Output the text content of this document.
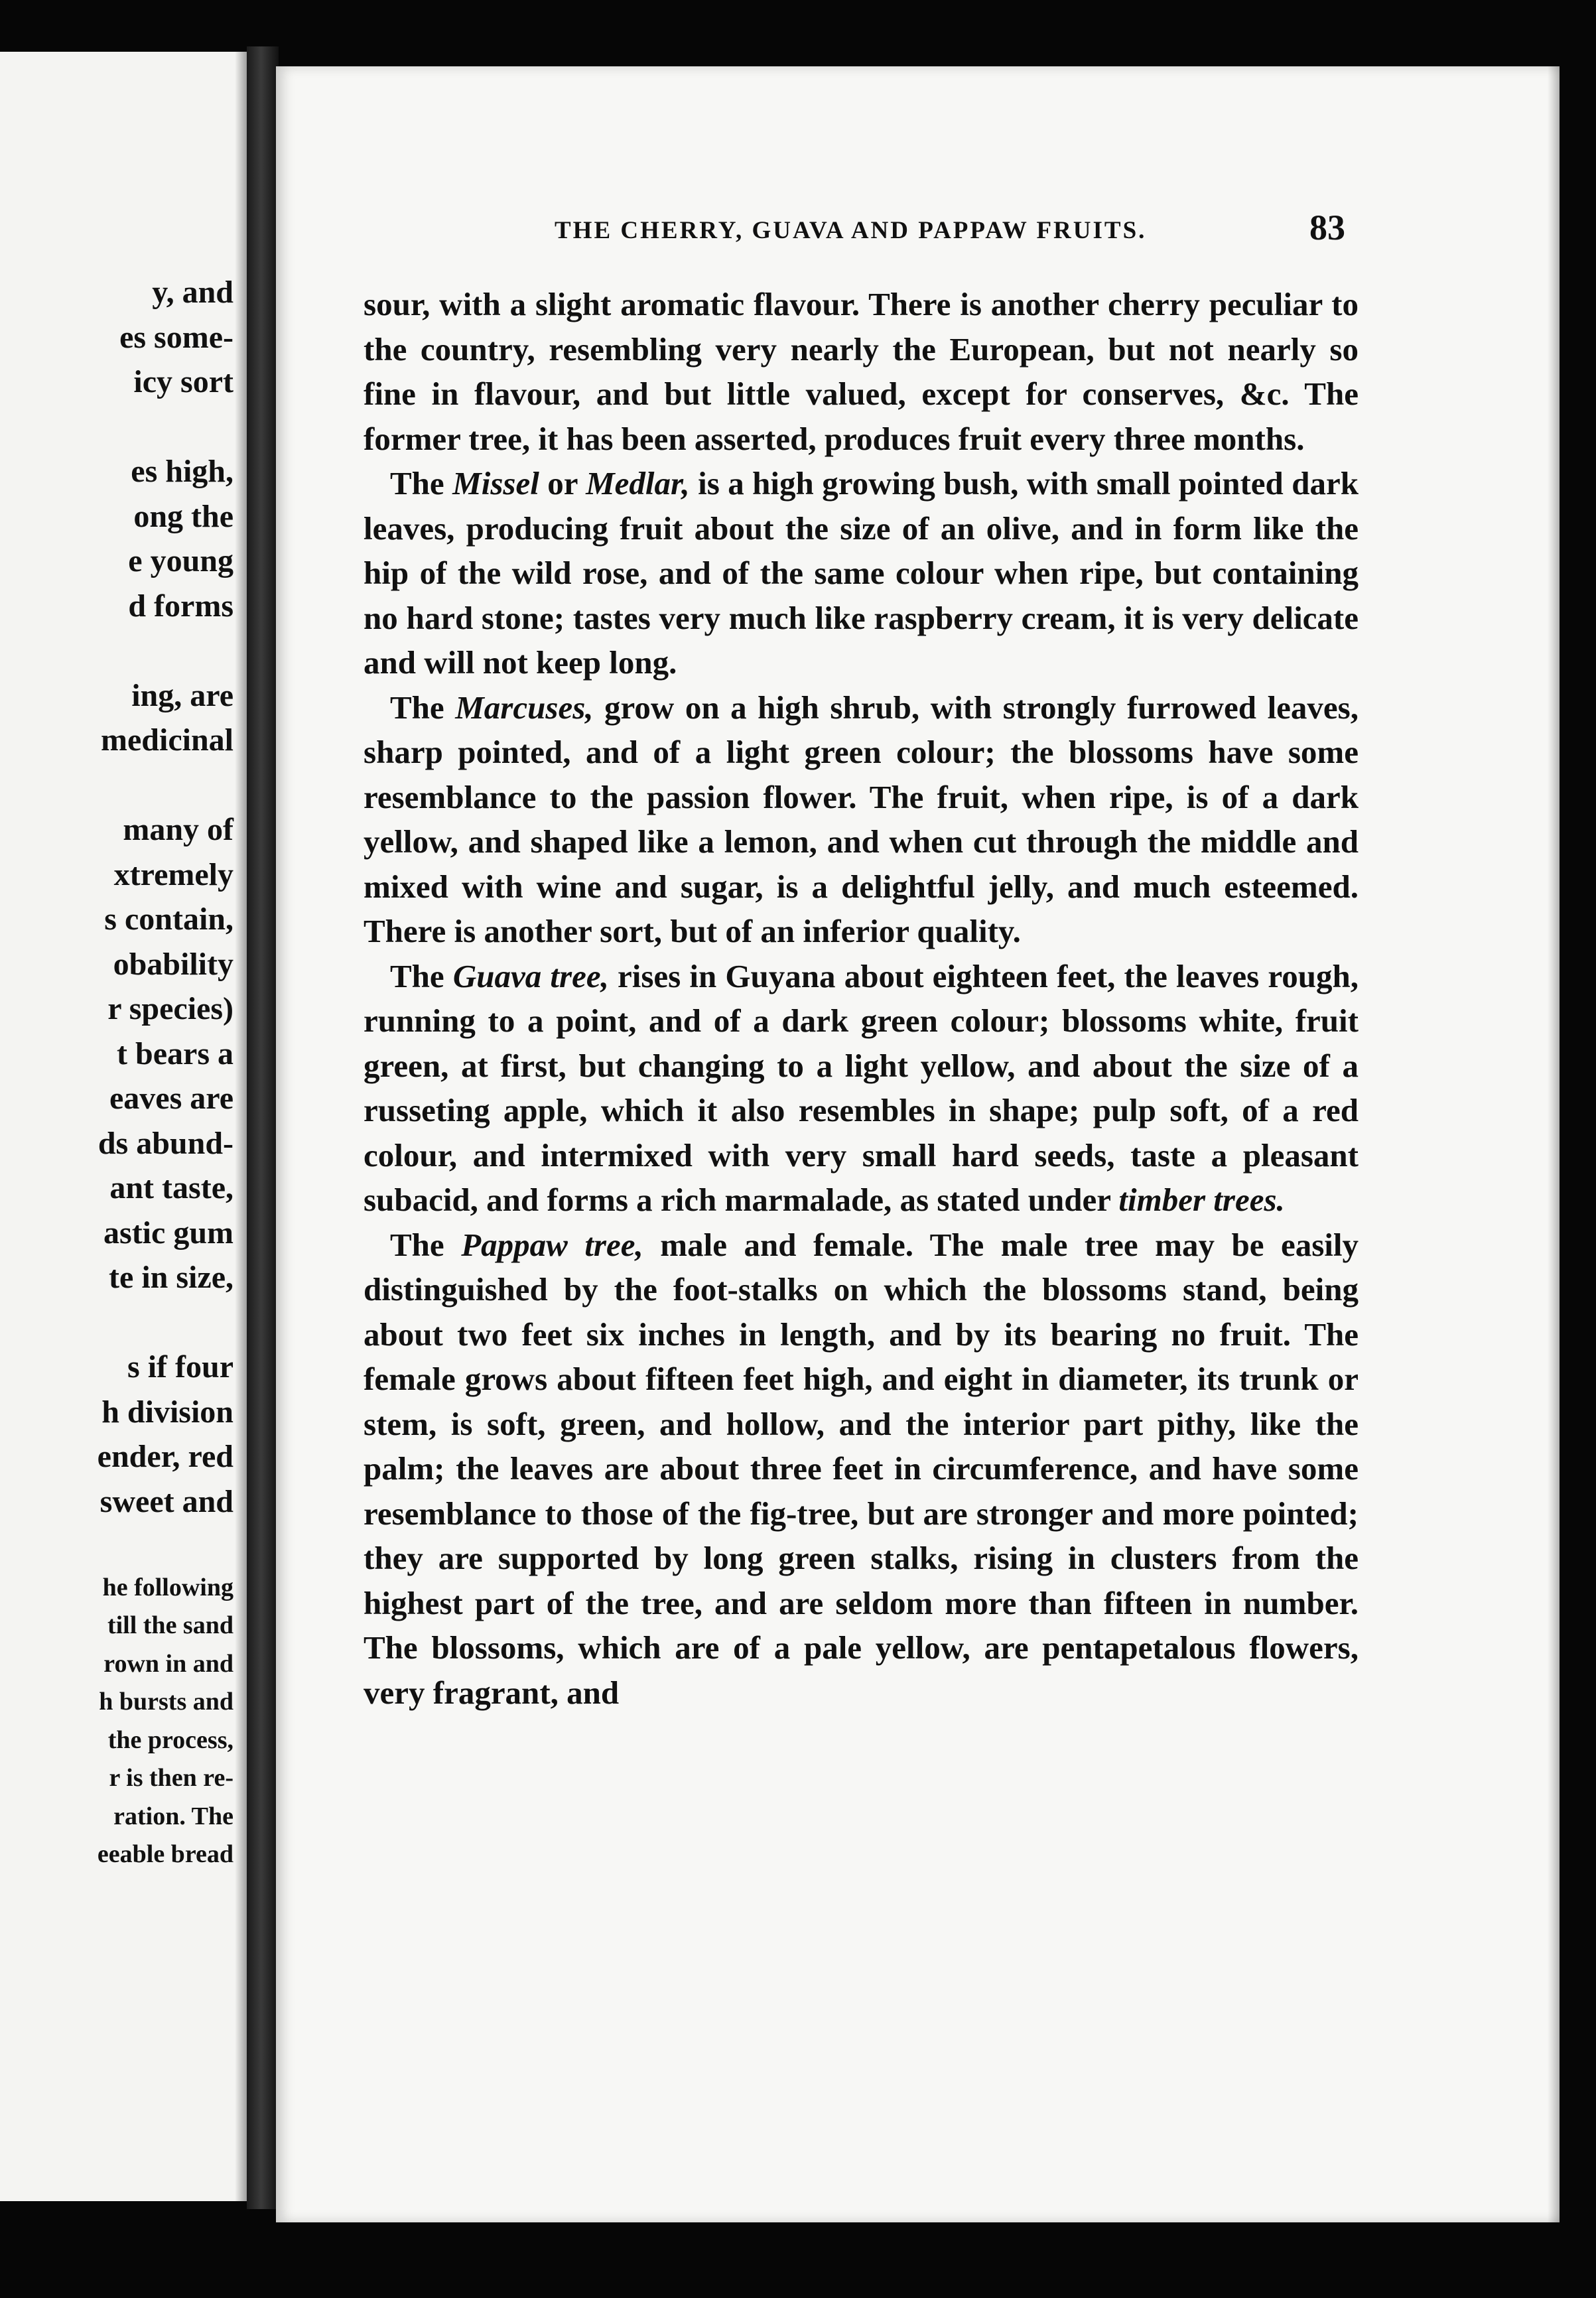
y, and
es some-
icy sort
es high,
ong the
e young
d forms
ing, are
medicinal
many of
xtremely
s contain,
obability
r species)
t bears a
eaves are
ds abund-
ant taste,
astic gum
te in size,
s if four
h division
ender, red
sweet and
he following
till the sand
rown in and
h bursts and
the process,
r is then re-
ration. The
eeable bread
THE CHERRY, GUAVA AND PAPPAW FRUITS.	83

sour, with a slight aromatic flavour. There is another cherry peculiar to the country, resembling very nearly the European, but not nearly so fine in flavour, and but little valued, except for conserves, &c. The former tree, it has been asserted, produces fruit every three months.

The Missel or Medlar, is a high growing bush, with small pointed dark leaves, producing fruit about the size of an olive, and in form like the hip of the wild rose, and of the same colour when ripe, but containing no hard stone; tastes very much like raspberry cream, it is very delicate and will not keep long.

The Marcuses, grow on a high shrub, with strongly furrowed leaves, sharp pointed, and of a light green colour; the blossoms have some resemblance to the passion flower. The fruit, when ripe, is of a dark yellow, and shaped like a lemon, and when cut through the middle and mixed with wine and sugar, is a delightful jelly, and much esteemed. There is another sort, but of an inferior quality.

The Guava tree, rises in Guyana about eighteen feet, the leaves rough, running to a point, and of a dark green colour; blossoms white, fruit green, at first, but changing to a light yellow, and about the size of a russeting apple, which it also resembles in shape; pulp soft, of a red colour, and intermixed with very small hard seeds, taste a pleasant subacid, and forms a rich marmalade, as stated under timber trees.

The Pappaw tree, male and female. The male tree may be easily distinguished by the foot-stalks on which the blossoms stand, being about two feet six inches in length, and by its bearing no fruit. The female grows about fifteen feet high, and eight in diameter, its trunk or stem, is soft, green, and hollow, and the interior part pithy, like the palm; the leaves are about three feet in circumference, and have some resemblance to those of the fig-tree, but are stronger and more pointed; they are supported by long green stalks, rising in clusters from the highest part of the tree, and are seldom more than fifteen in number. The blossoms, which are of a pale yellow, are pentapetalous flowers, very fragrant, and
